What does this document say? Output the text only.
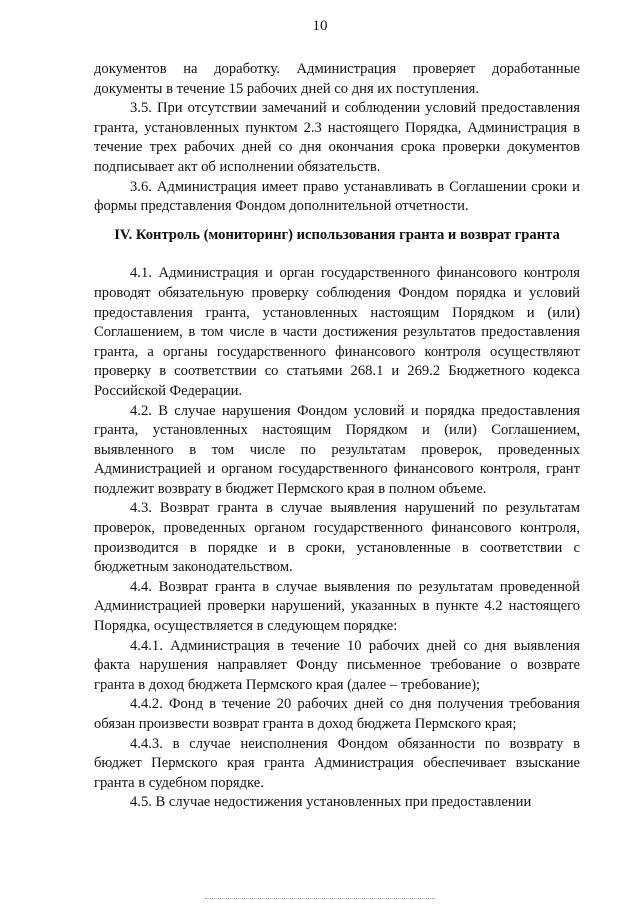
10

документов на доработку. Администрация проверяет доработанные документы в течение 15 рабочих дней со дня их поступления.

3.5. При отсутствии замечаний и соблюдении условий предоставления гранта, установленных пунктом 2.3 настоящего Порядка, Администрация в течение трех рабочих дней со дня окончания срока проверки документов подписывает акт об исполнении обязательств.

3.6. Администрация имеет право устанавливать в Соглашении сроки и формы представления Фондом дополнительной отчетности.

IV. Контроль (мониторинг) использования гранта и возврат гранта

4.1. Администрация и орган государственного финансового контроля проводят обязательную проверку соблюдения Фондом порядка и условий предоставления гранта, установленных настоящим Порядком и (или) Соглашением, в том числе в части достижения результатов предоставления гранта, а органы государственного финансового контроля осуществляют проверку в соответствии со статьями 268.1 и 269.2 Бюджетного кодекса Российской Федерации.

4.2. В случае нарушения Фондом условий и порядка предоставления гранта, установленных настоящим Порядком и (или) Соглашением, выявленного в том числе по результатам проверок, проведенных Администрацией и органом государственного финансового контроля, грант подлежит возврату в бюджет Пермского края в полном объеме.

4.3. Возврат гранта в случае выявления нарушений по результатам проверок, проведенных органом государственного финансового контроля, производится в порядке и в сроки, установленные в соответствии с бюджетным законодательством.

4.4. Возврат гранта в случае выявления по результатам проведенной Администрацией проверки нарушений, указанных в пункте 4.2 настоящего Порядка, осуществляется в следующем порядке:

4.4.1. Администрация в течение 10 рабочих дней со дня выявления факта нарушения направляет Фонду письменное требование о возврате гранта в доход бюджета Пермского края (далее – требование);

4.4.2. Фонд в течение 20 рабочих дней со дня получения требования обязан произвести возврат гранта в доход бюджета Пермского края;

4.4.3. в случае неисполнения Фондом обязанности по возврату в бюджет Пермского края гранта Администрация обеспечивает взыскание гранта в судебном порядке.

4.5. В случае недостижения установленных при предоставлении
